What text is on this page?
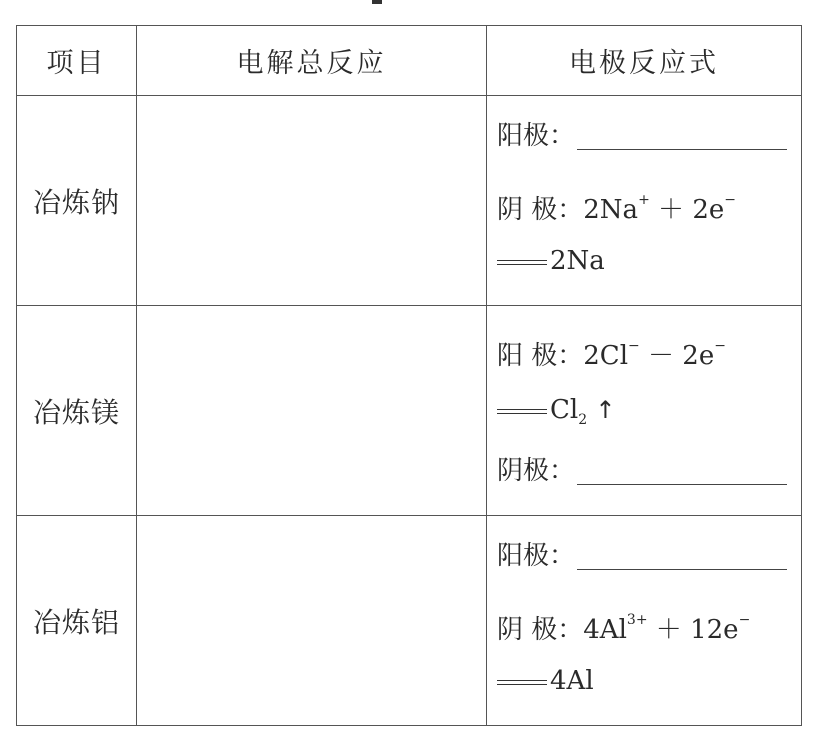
项目	电解总反应	电极反应式
冶炼钠		阳极：
阴 极：2Na+ ＋ 2e−
2Na

冶炼镁		阳 极：2Cl− － 2e−
$Cl_2$ ↑
阴极：

冶炼铝		阳极：
阴 极：$4Al^{3+} + 12e^-$
4Al
